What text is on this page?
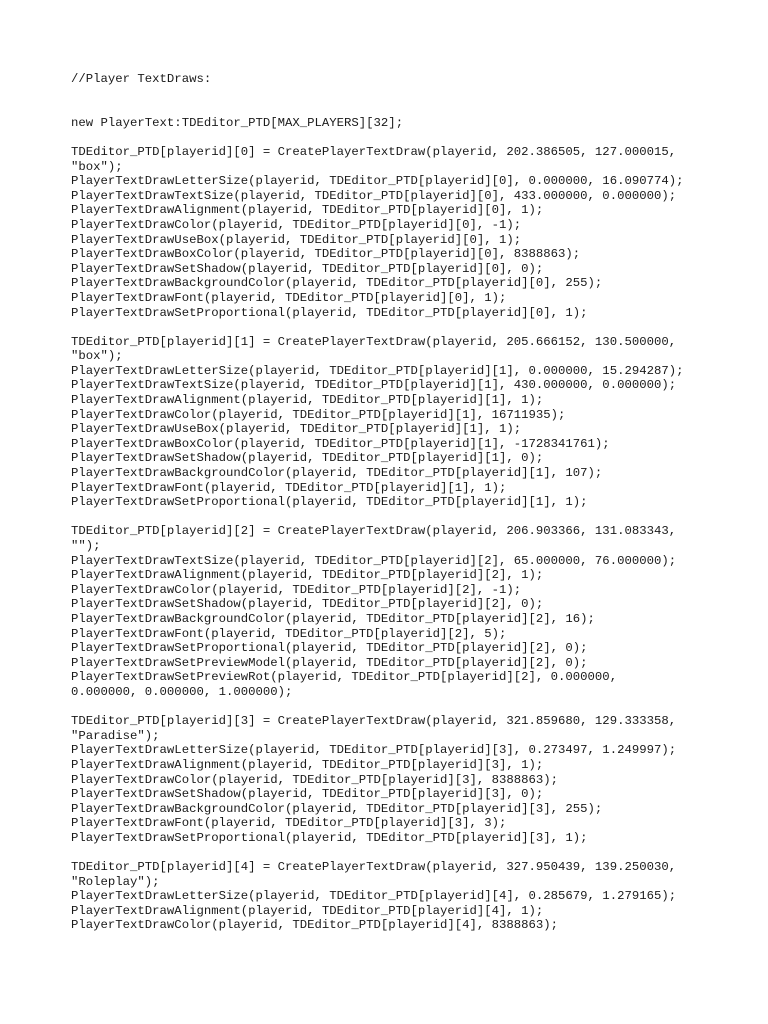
//Player TextDraws:
new PlayerText:TDEditor_PTD[MAX_PLAYERS][32];
TDEditor_PTD[playerid][0] = CreatePlayerTextDraw(playerid, 202.386505, 127.000015,
"box");
PlayerTextDrawLetterSize(playerid, TDEditor_PTD[playerid][0], 0.000000, 16.090774);
PlayerTextDrawTextSize(playerid, TDEditor_PTD[playerid][0], 433.000000, 0.000000);
PlayerTextDrawAlignment(playerid, TDEditor_PTD[playerid][0], 1);
PlayerTextDrawColor(playerid, TDEditor_PTD[playerid][0], -1);
PlayerTextDrawUseBox(playerid, TDEditor_PTD[playerid][0], 1);
PlayerTextDrawBoxColor(playerid, TDEditor_PTD[playerid][0], 8388863);
PlayerTextDrawSetShadow(playerid, TDEditor_PTD[playerid][0], 0);
PlayerTextDrawBackgroundColor(playerid, TDEditor_PTD[playerid][0], 255);
PlayerTextDrawFont(playerid, TDEditor_PTD[playerid][0], 1);
PlayerTextDrawSetProportional(playerid, TDEditor_PTD[playerid][0], 1);
TDEditor_PTD[playerid][1] = CreatePlayerTextDraw(playerid, 205.666152, 130.500000,
"box");
PlayerTextDrawLetterSize(playerid, TDEditor_PTD[playerid][1], 0.000000, 15.294287);
PlayerTextDrawTextSize(playerid, TDEditor_PTD[playerid][1], 430.000000, 0.000000);
PlayerTextDrawAlignment(playerid, TDEditor_PTD[playerid][1], 1);
PlayerTextDrawColor(playerid, TDEditor_PTD[playerid][1], 16711935);
PlayerTextDrawUseBox(playerid, TDEditor_PTD[playerid][1], 1);
PlayerTextDrawBoxColor(playerid, TDEditor_PTD[playerid][1], -1728341761);
PlayerTextDrawSetShadow(playerid, TDEditor_PTD[playerid][1], 0);
PlayerTextDrawBackgroundColor(playerid, TDEditor_PTD[playerid][1], 107);
PlayerTextDrawFont(playerid, TDEditor_PTD[playerid][1], 1);
PlayerTextDrawSetProportional(playerid, TDEditor_PTD[playerid][1], 1);
TDEditor_PTD[playerid][2] = CreatePlayerTextDraw(playerid, 206.903366, 131.083343,
"");
PlayerTextDrawTextSize(playerid, TDEditor_PTD[playerid][2], 65.000000, 76.000000);
PlayerTextDrawAlignment(playerid, TDEditor_PTD[playerid][2], 1);
PlayerTextDrawColor(playerid, TDEditor_PTD[playerid][2], -1);
PlayerTextDrawSetShadow(playerid, TDEditor_PTD[playerid][2], 0);
PlayerTextDrawBackgroundColor(playerid, TDEditor_PTD[playerid][2], 16);
PlayerTextDrawFont(playerid, TDEditor_PTD[playerid][2], 5);
PlayerTextDrawSetProportional(playerid, TDEditor_PTD[playerid][2], 0);
PlayerTextDrawSetPreviewModel(playerid, TDEditor_PTD[playerid][2], 0);
PlayerTextDrawSetPreviewRot(playerid, TDEditor_PTD[playerid][2], 0.000000,
0.000000, 0.000000, 1.000000);
TDEditor_PTD[playerid][3] = CreatePlayerTextDraw(playerid, 321.859680, 129.333358,
"Paradise");
PlayerTextDrawLetterSize(playerid, TDEditor_PTD[playerid][3], 0.273497, 1.249997);
PlayerTextDrawAlignment(playerid, TDEditor_PTD[playerid][3], 1);
PlayerTextDrawColor(playerid, TDEditor_PTD[playerid][3], 8388863);
PlayerTextDrawSetShadow(playerid, TDEditor_PTD[playerid][3], 0);
PlayerTextDrawBackgroundColor(playerid, TDEditor_PTD[playerid][3], 255);
PlayerTextDrawFont(playerid, TDEditor_PTD[playerid][3], 3);
PlayerTextDrawSetProportional(playerid, TDEditor_PTD[playerid][3], 1);
TDEditor_PTD[playerid][4] = CreatePlayerTextDraw(playerid, 327.950439, 139.250030,
"Roleplay");
PlayerTextDrawLetterSize(playerid, TDEditor_PTD[playerid][4], 0.285679, 1.279165);
PlayerTextDrawAlignment(playerid, TDEditor_PTD[playerid][4], 1);
PlayerTextDrawColor(playerid, TDEditor_PTD[playerid][4], 8388863);
